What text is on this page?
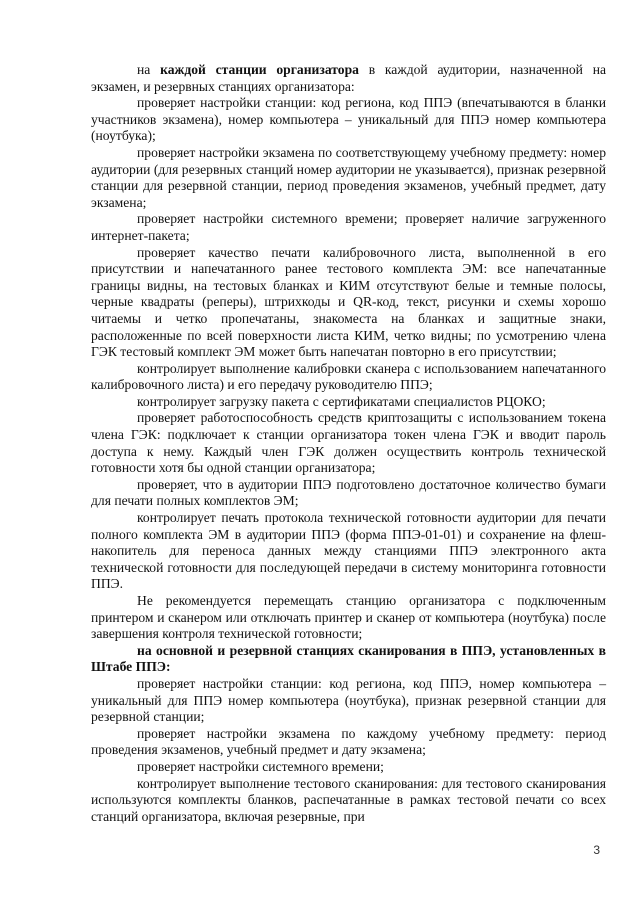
на каждой станции организатора в каждой аудитории, назначенной на экзамен, и резервных станциях организатора:

проверяет настройки станции: код региона, код ППЭ (впечатываются в бланки участников экзамена), номер компьютера – уникальный для ППЭ номер компьютера (ноутбука);

проверяет настройки экзамена по соответствующему учебному предмету: номер аудитории (для резервных станций номер аудитории не указывается), признак резервной станции для резервной станции, период проведения экзаменов, учебный предмет, дату экзамена;

проверяет настройки системного времени; проверяет наличие загруженного интернет-пакета;

проверяет качество печати калибровочного листа, выполненной в его присутствии и напечатанного ранее тестового комплекта ЭМ: все напечатанные границы видны, на тестовых бланках и КИМ отсутствуют белые и темные полосы, черные квадраты (реперы), штрихкоды и QR-код, текст, рисунки и схемы хорошо читаемы и четко пропечатаны, знакоместа на бланках и защитные знаки, расположенные по всей поверхности листа КИМ, четко видны; по усмотрению члена ГЭК тестовый комплект ЭМ может быть напечатан повторно в его присутствии;

контролирует выполнение калибровки сканера с использованием напечатанного калибровочного листа) и его передачу руководителю ППЭ;

контролирует загрузку пакета с сертификатами специалистов РЦОКО;

проверяет работоспособность средств криптозащиты с использованием токена члена ГЭК: подключает к станции организатора токен члена ГЭК и вводит пароль доступа к нему. Каждый член ГЭК должен осуществить контроль технической готовности хотя бы одной станции организатора;

проверяет, что в аудитории ППЭ подготовлено достаточное количество бумаги для печати полных комплектов ЭМ;

контролирует печать протокола технической готовности аудитории для печати полного комплекта ЭМ в аудитории ППЭ (форма ППЭ-01-01) и сохранение на флеш-накопитель для переноса данных между станциями ППЭ электронного акта технической готовности для последующей передачи в систему мониторинга готовности ППЭ.

Не рекомендуется перемещать станцию организатора с подключенным принтером и сканером или отключать принтер и сканер от компьютера (ноутбука) после завершения контроля технической готовности;

на основной и резервной станциях сканирования в ППЭ, установленных в Штабе ППЭ:

проверяет настройки станции: код региона, код ППЭ, номер компьютера – уникальный для ППЭ номер компьютера (ноутбука), признак резервной станции для резервной станции;

проверяет настройки экзамена по каждому учебному предмету: период проведения экзаменов, учебный предмет и дату экзамена;

проверяет настройки системного времени;

контролирует выполнение тестового сканирования: для тестового сканирования используются комплекты бланков, распечатанные в рамках тестовой печати со всех станций организатора, включая резервные, при

3
